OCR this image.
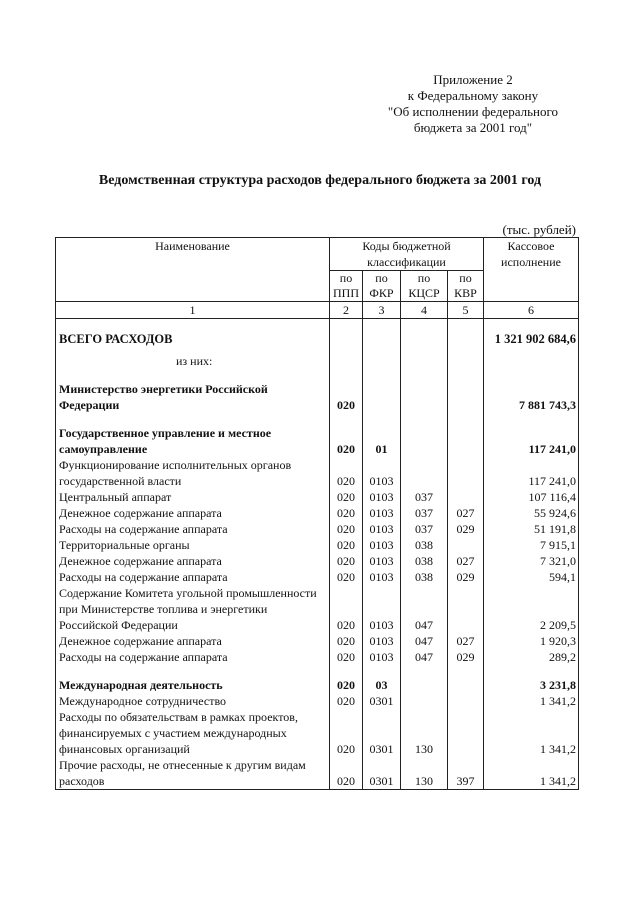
Приложение 2
к Федеральному закону
"Об исполнении федерального
бюджета за 2001 год"
Ведомственная структура расходов федерального бюджета за 2001 год
(тыс. рублей)
Наименование	Коды бюджетной классификации				Кассовое исполнение
	по ППП	по ФКР	по КЦСР	по КВР	
1	2	3	4	5	6

ВСЕГО РАСХОДОВ					1 321 902 684,6

из них:					

Министерство энергетики Российской Федерации	020				7 881 743,3

Государственное управление и местное самоуправление	020	01			117 241,0
Функционирование исполнительных органов государственной власти	020	0103			117 241,0
Центральный аппарат	020	0103	037		107 116,4
Денежное содержание аппарата	020	0103	037	027	55 924,6
Расходы на содержание аппарата	020	0103	037	029	51 191,8
Территориальные органы	020	0103	038		7 915,1
Денежное содержание аппарата	020	0103	038	027	7 321,0
Расходы на содержание аппарата	020	0103	038	029	594,1
Содержание Комитета угольной промышленности при Министерстве топлива и энергетики Российской Федерации	020	0103	047		2 209,5
Денежное содержание аппарата	020	0103	047	027	1 920,3
Расходы на содержание аппарата	020	0103	047	029	289,2

Международная деятельность	020	03			3 231,8
Международное сотрудничество	020	0301			1 341,2
Расходы по обязательствам в рамках проектов, финансируемых с участием международных финансовых организаций	020	0301	130		1 341,2
Прочие расходы, не отнесенные к другим видам расходов	020	0301	130	397	1 341,2
